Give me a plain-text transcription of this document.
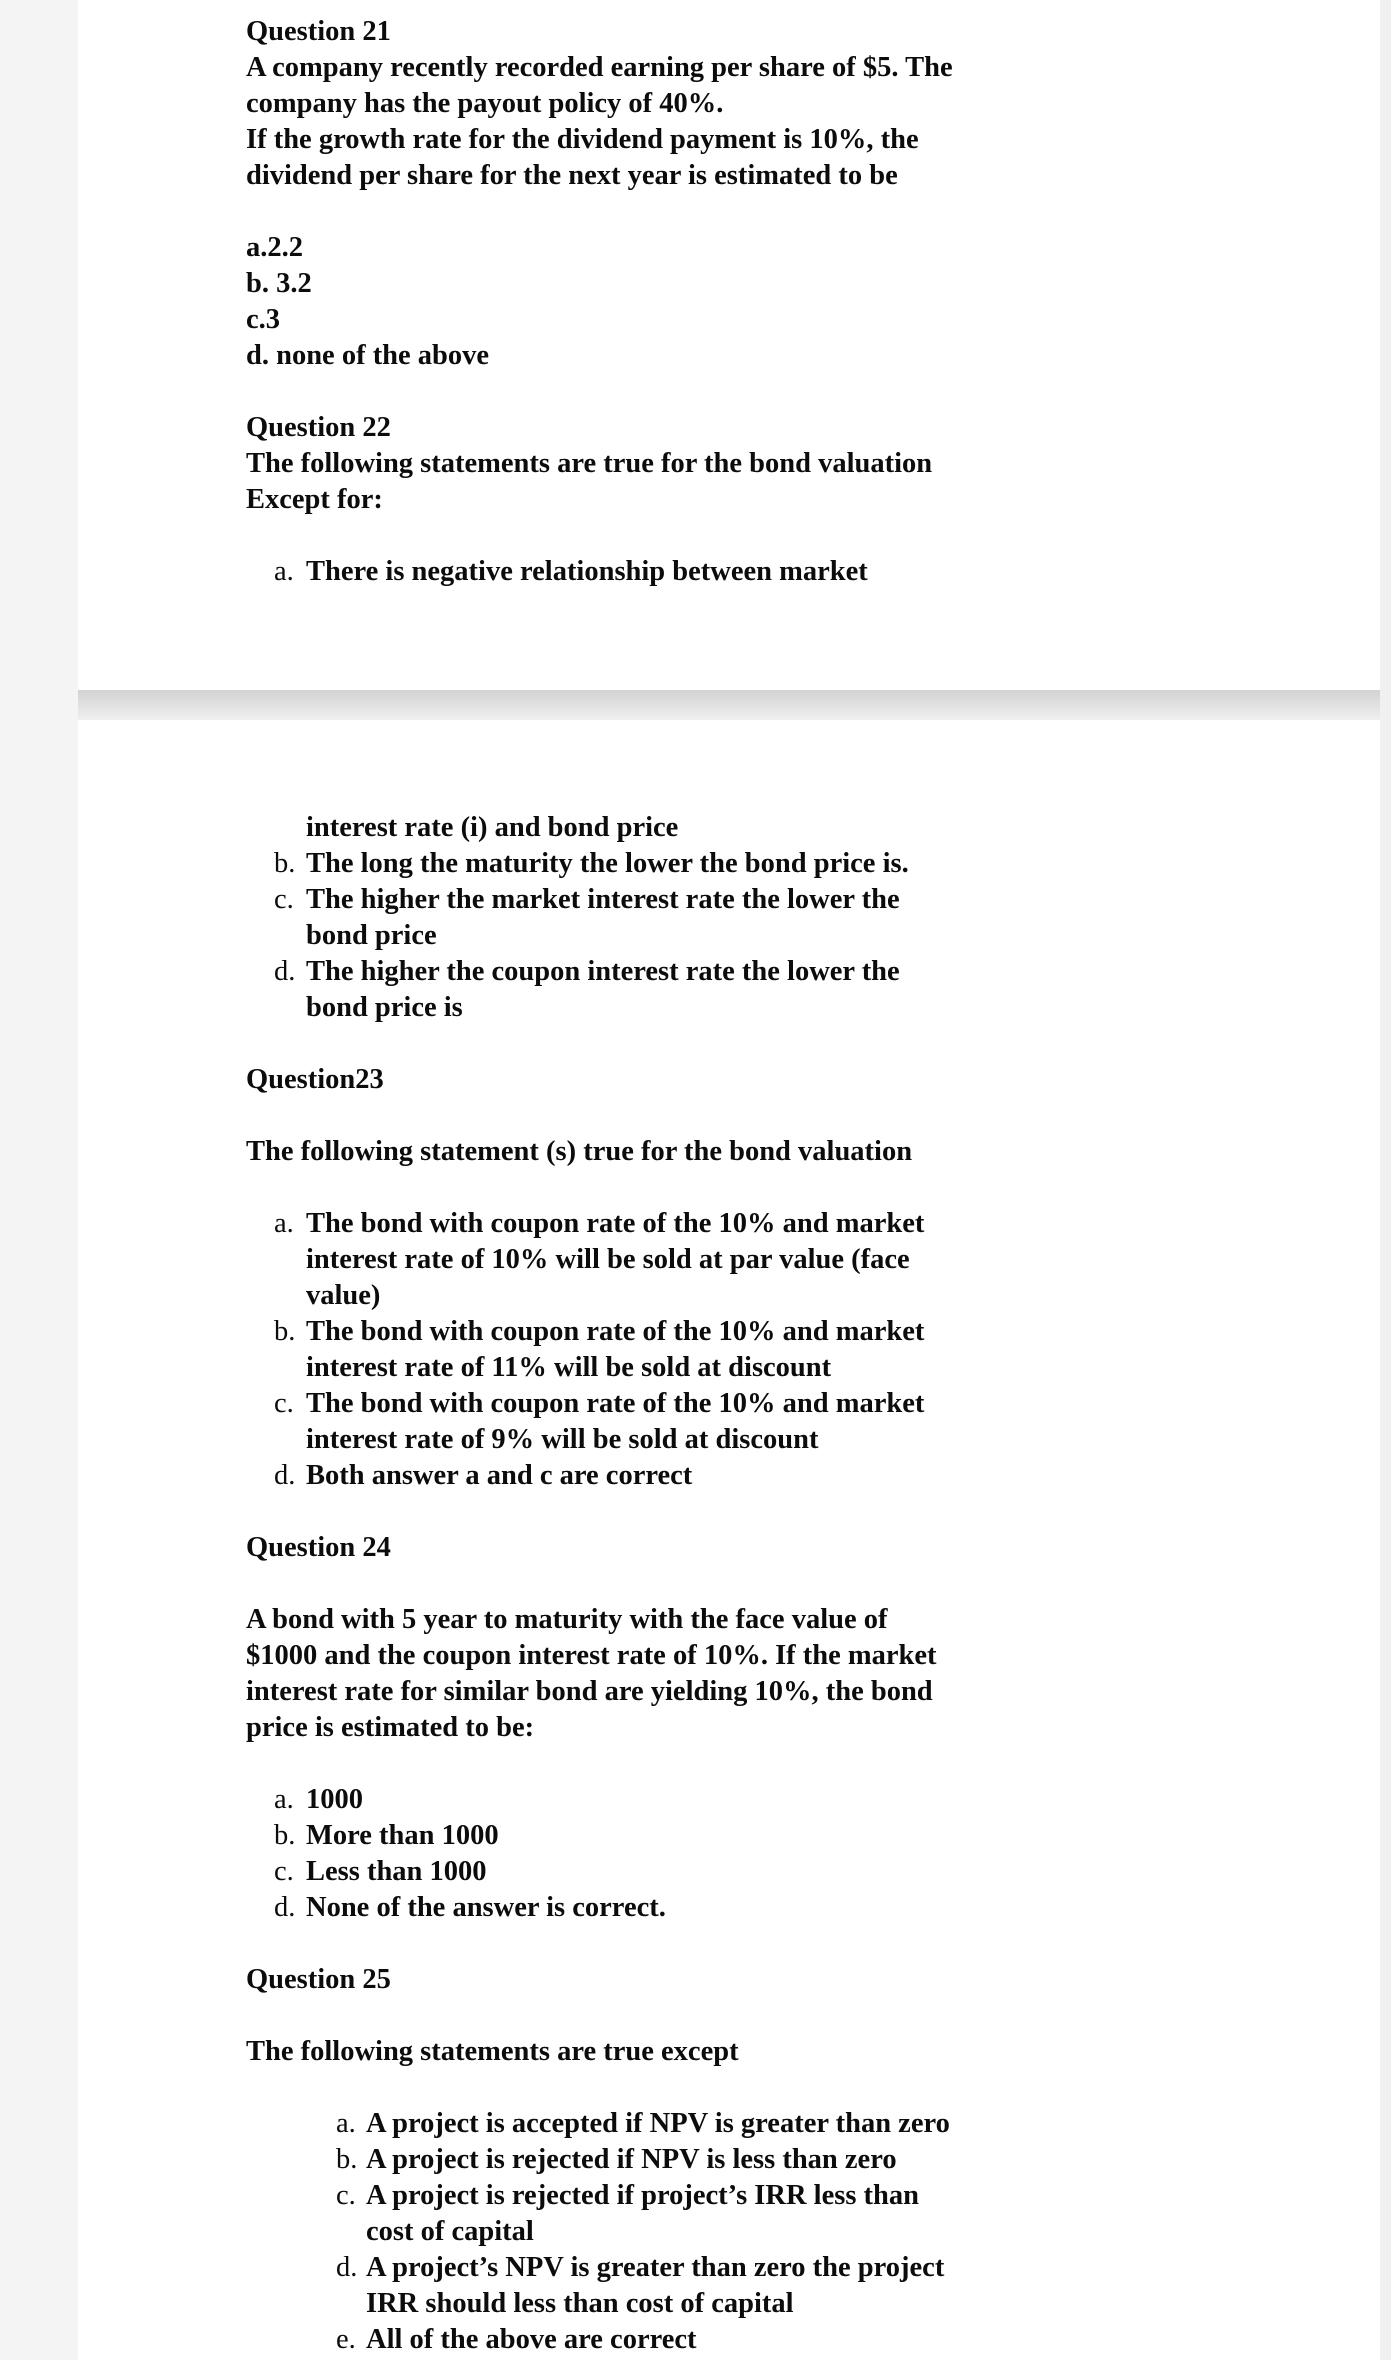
Question 21

A company recently recorded earning per share of $5. The

company has the payout policy of 40%.

If the growth rate for the dividend payment is 10%, the

dividend per share for the next year is estimated to be

a.2.2

b. 3.2

c.3

d. none of the above

Question 22

The following statements are true for the bond valuation

Except for:

a. There is negative relationship between market

interest rate (i) and bond price

b. The long the maturity the lower the bond price is.
c. The higher the market interest rate the lower the

bond price

d. The higher the coupon interest rate the lower the

bond price is

Question23

The following statement (s) true for the bond valuation

a. The bond with coupon rate of the 10% and market

interest rate of 10% will be sold at par value (face

value)

b. The bond with coupon rate of the 10% and market

interest rate of 11% will be sold at discount

c. The bond with coupon rate of the 10% and market

interest rate of 9% will be sold at discount

d. Both answer a and c are correct

Question 24

A bond with 5 year to maturity with the face value of

$1000 and the coupon interest rate of 10%. If the market

interest rate for similar bond are yielding 10%, the bond

price is estimated to be:

a. 1000
b. More than 1000
c. Less than 1000
d. None of the answer is correct.

Question 25

The following statements are true except

a. A project is accepted if NPV is greater than zero
b. A project is rejected if NPV is less than zero
c. A project is rejected if project’s IRR less than

cost of capital

d. A project’s NPV is greater than zero the project

IRR should less than cost of capital

e. All of the above are correct
